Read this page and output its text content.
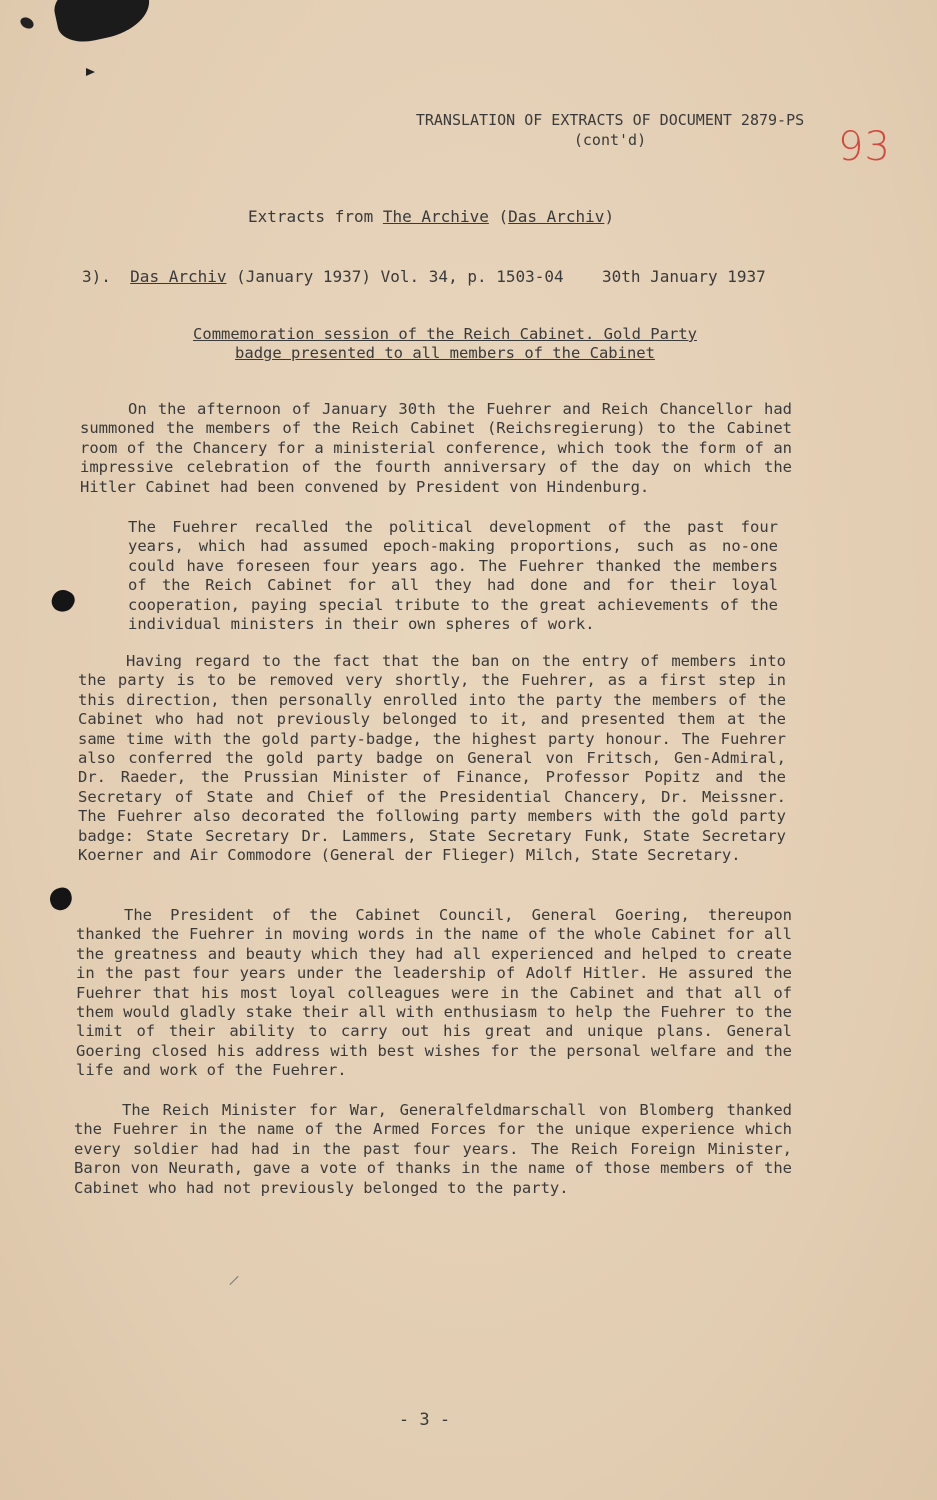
93
TRANSLATION OF EXTRACTS OF DOCUMENT 2879-PS
(cont'd)
Extracts from The Archive (Das Archiv)
3). Das Archiv (January 1937) Vol. 34, p. 1503-04 30th January 1937
Commemoration session of the Reich Cabinet. Gold Party
badge presented to all members of the Cabinet

On the afternoon of January 30th the Fuehrer and Reich Chancellor had summoned the members of the Reich Cabinet (Reichsregierung) to the Cabinet room of the Chancery for a ministerial conference, which took the form of an impressive celebration of the fourth anniversary of the day on which the Hitler Cabinet had been convened by President von Hindenburg.

The Fuehrer recalled the political development of the past four years, which had assumed epoch-making proportions, such as no-one could have foreseen four years ago. The Fuehrer thanked the members of the Reich Cabinet for all they had done and for their loyal cooperation, paying special tribute to the great achievements of the individual ministers in their own spheres of work.

Having regard to the fact that the ban on the entry of members into the party is to be removed very shortly, the Fuehrer, as a first step in this direction, then personally enrolled into the party the members of the Cabinet who had not previously belonged to it, and presented them at the same time with the gold party-badge, the highest party honour. The Fuehrer also conferred the gold party badge on General von Fritsch, Gen-Admiral, Dr. Raeder, the Prussian Minister of Finance, Professor Popitz and the Secretary of State and Chief of the Presidential Chancery, Dr. Meissner. The Fuehrer also decorated the following party members with the gold party badge: State Secretary Dr. Lammers, State Secretary Funk, State Secretary Koerner and Air Commodore (General der Flieger) Milch, State Secretary.

The President of the Cabinet Council, General Goering, thereupon thanked the Fuehrer in moving words in the name of the whole Cabinet for all the greatness and beauty which they had all experienced and helped to create in the past four years under the leadership of Adolf Hitler. He assured the Fuehrer that his most loyal colleagues were in the Cabinet and that all of them would gladly stake their all with enthusiasm to help the Fuehrer to the limit of their ability to carry out his great and unique plans. General Goering closed his address with best wishes for the personal welfare and the life and work of the Fuehrer.

The Reich Minister for War, Generalfeldmarschall von Blomberg thanked the Fuehrer in the name of the Armed Forces for the unique experience which every soldier had had in the past four years. The Reich Foreign Minister, Baron von Neurath, gave a vote of thanks in the name of those members of the Cabinet who had not previously belonged to the party.

- 3 -
